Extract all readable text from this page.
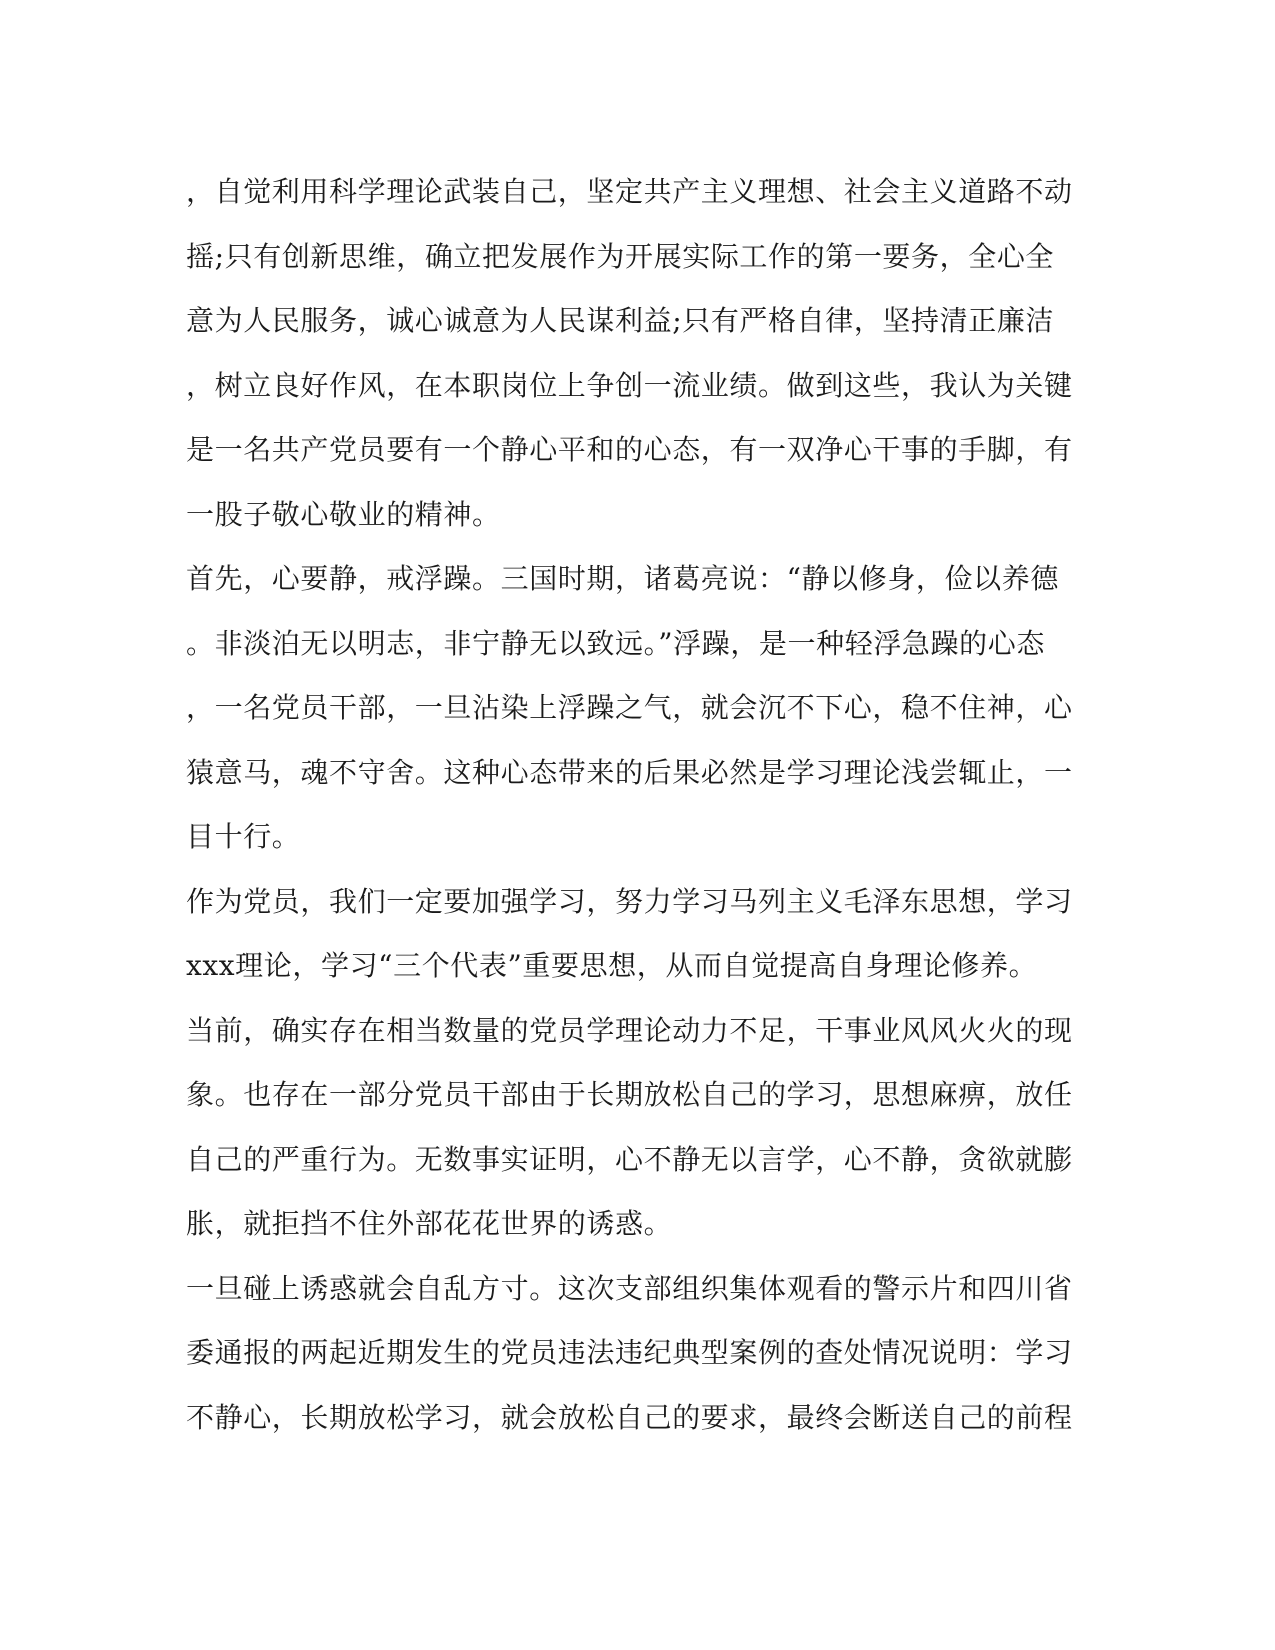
，自觉利用科学理论武装自己，坚定共产主义理想、社会主义道路不动
摇;只有创新思维，确立把发展作为开展实际工作的第一要务，全心全
意为人民服务，诚心诚意为人民谋利益;只有严格自律，坚持清正廉洁
，树立良好作风，在本职岗位上争创一流业绩。做到这些，我认为关键
是一名共产党员要有一个静心平和的心态，有一双净心干事的手脚，有
一股子敬心敬业的精神。
首先，心要静，戒浮躁。三国时期，诸葛亮说：“静以修身，俭以养德
。非淡泊无以明志，非宁静无以致远。”浮躁，是一种轻浮急躁的心态
，一名党员干部，一旦沾染上浮躁之气，就会沉不下心，稳不住神，心
猿意马，魂不守舍。这种心态带来的后果必然是学习理论浅尝辄止，一
目十行。
作为党员，我们一定要加强学习，努力学习马列主义毛泽东思想，学习
xxx理论，学习“三个代表”重要思想，从而自觉提高自身理论修养。
当前，确实存在相当数量的党员学理论动力不足，干事业风风火火的现
象。也存在一部分党员干部由于长期放松自己的学习，思想麻痹，放任
自己的严重行为。无数事实证明，心不静无以言学，心不静，贪欲就膨
胀，就拒挡不住外部花花世界的诱惑。
一旦碰上诱惑就会自乱方寸。这次支部组织集体观看的警示片和四川省
委通报的两起近期发生的党员违法违纪典型案例的查处情况说明：学习
不静心，长期放松学习，就会放松自己的要求，最终会断送自己的前程
